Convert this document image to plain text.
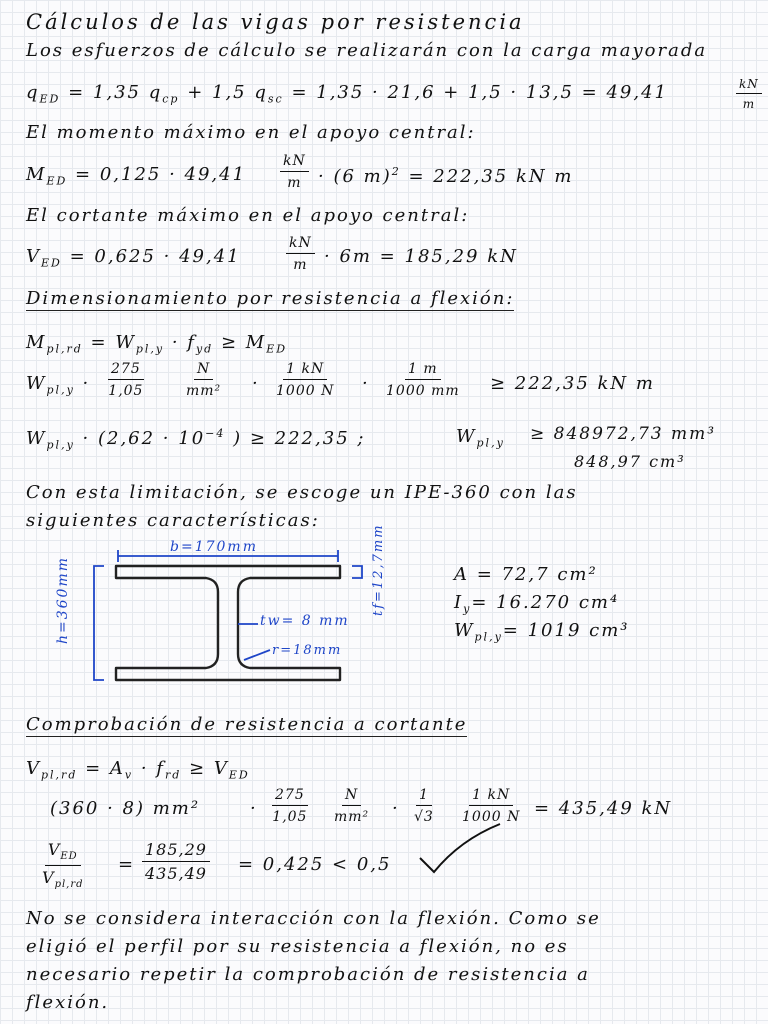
Cálculos de las vigas por resistencia
Los esfuerzos de cálculo se realizarán con la carga mayorada
$q_{ED} = 1,35$ $q_{cp} + 1,5$ $q_{sc} = 1,35 \cdot 21,6 + 1,5 \cdot 13,5 = 49,41$	$\frac{kN}{m}$
El momento máximo en el apoyo central:
$M_{ED} = 0,125 \cdot 49,41 \frac{kN}{m} \cdot (6$ m)$^2$ = 222,35 kN m
El cortante máximo en el apoyo central:
$V_{ED} = 0,625 \cdot 49,41$	$\frac{kN}{m} \cdot 6m = 185,29$ kN
Dimensionamiento por resistencia a flexión:
$M_{pl,rd} = W_{pl,y} \cdot f_{yd} \ge M_{ED}$
$W_{pl,y} \cdot \frac{275}{1,05}$	$\frac{N}{\text{mm²}} \cdot \frac{1 kN}{1000 N} \cdot \frac{1 m}{1000 mm} \ge 222,35$ kN m
$W_{pl,y} \cdot (2,62 \cdot 10^{-4}$ ) ≥ 222,35 ;	$W_{pl,y} \ge 848972,73$ mm³
848,97 cm³
Con esta limitación, se escoge un IPE-360 con las
siguientes características:
b=170mm
h=360mm	tf=12,7mm
tw= 8 mm
r=18mm
A = 72,7 cm²
$I_y= 16.270$ cm⁴
$W_{pl,y}= 1019$ cm³
Comprobación de resistencia a cortante
$V_{pl,rd} = A_v \cdot f_{rd} \ge V_{ED}$
(360 · 8) mm²	· $\frac{275}{1,05} \frac{N}{\text{mm²}} \cdot \frac{1}{√3} \frac{1 kN}{1000 N} = 435,49$ kN
$V_{ED}$
$V_{pl,rd}$
= $\frac{185,29}{435,49} = 0,425 < 0,5$
No se considera interacción con la flexión. Como se
eligió el perfil por su resistencia a flexión, no es
necesario repetir la comprobación de resistencia a
flexión.
